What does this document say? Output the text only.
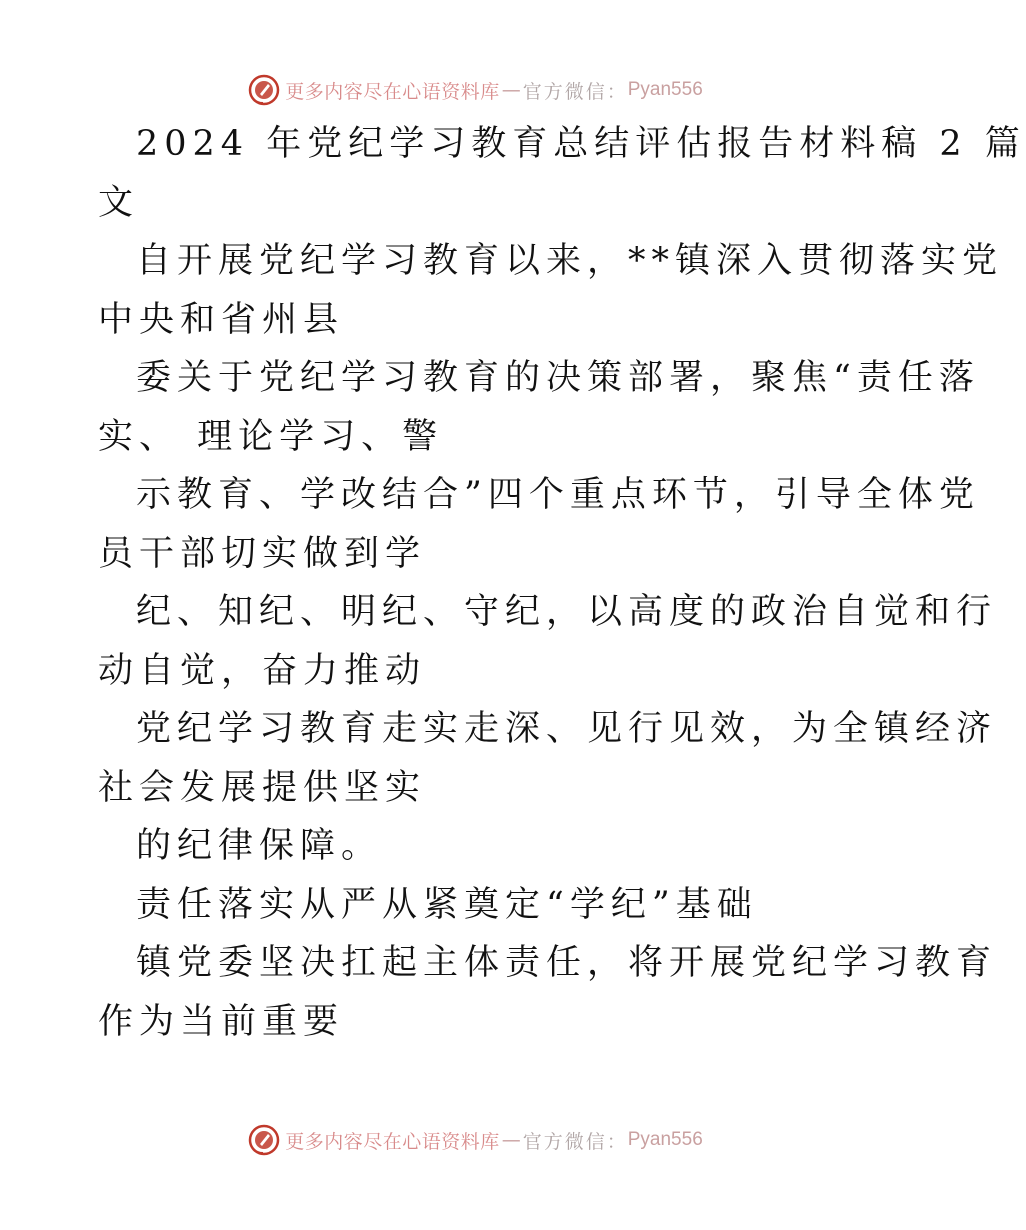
更多内容尽在心语资料库 — 官方微信： Pyan556
2024 年党纪学习教育总结评估报告材料稿 2 篇
文
自开展党纪学习教育以来，**镇深入贯彻落实党
中央和省州县
委关于党纪学习教育的决策部署，聚焦“责任落
实、 理论学习、警
示教育、学改结合”四个重点环节，引导全体党
员干部切实做到学
纪、知纪、明纪、守纪，以高度的政治自觉和行
动自觉，奋力推动
党纪学习教育走实走深、见行见效，为全镇经济
社会发展提供坚实
的纪律保障。
责任落实从严从紧奠定“学纪”基础
镇党委坚决扛起主体责任，将开展党纪学习教育
作为当前重要
更多内容尽在心语资料库 — 官方微信： Pyan556
